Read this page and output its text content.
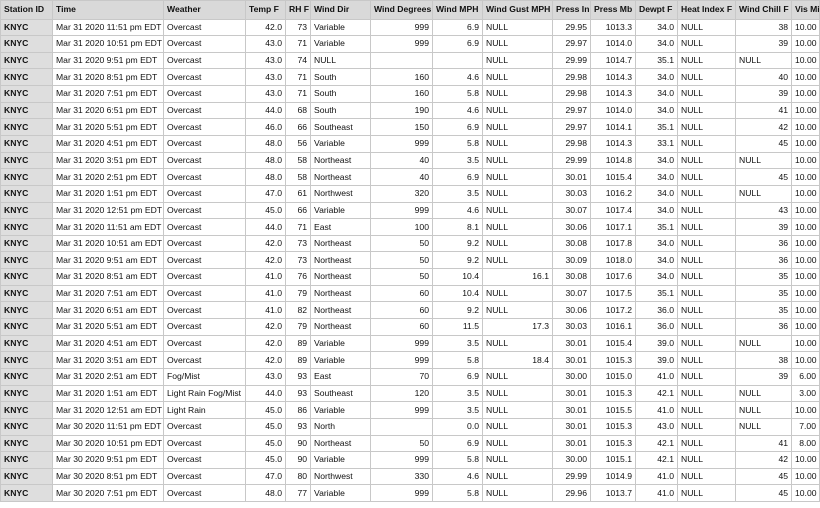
Station ID	Time	Weather	Temp F	RH F	Wind Dir	Wind Degrees	Wind MPH	Wind Gust MPH	Press In	Press Mb	Dewpt F	Heat Index F	Wind Chill F	Vis Mi
KNYC	Mar 31 2020 11:51 pm EDT	Overcast	42.0	73	Variable	999	6.9	NULL	29.95	1013.3	34.0	NULL	38	10.00
KNYC	Mar 31 2020 10:51 pm EDT	Overcast	43.0	71	Variable	999	6.9	NULL	29.97	1014.0	34.0	NULL	39	10.00
KNYC	Mar 31 2020 9:51 pm EDT	Overcast	43.0	74	NULL			NULL	29.99	1014.7	35.1	NULL	NULL	10.00
KNYC	Mar 31 2020 8:51 pm EDT	Overcast	43.0	71	South	160	4.6	NULL	29.98	1014.3	34.0	NULL	40	10.00
KNYC	Mar 31 2020 7:51 pm EDT	Overcast	43.0	71	South	160	5.8	NULL	29.98	1014.3	34.0	NULL	39	10.00
KNYC	Mar 31 2020 6:51 pm EDT	Overcast	44.0	68	South	190	4.6	NULL	29.97	1014.0	34.0	NULL	41	10.00
KNYC	Mar 31 2020 5:51 pm EDT	Overcast	46.0	66	Southeast	150	6.9	NULL	29.97	1014.1	35.1	NULL	42	10.00
KNYC	Mar 31 2020 4:51 pm EDT	Overcast	48.0	56	Variable	999	5.8	NULL	29.98	1014.3	33.1	NULL	45	10.00
KNYC	Mar 31 2020 3:51 pm EDT	Overcast	48.0	58	Northeast	40	3.5	NULL	29.99	1014.8	34.0	NULL	NULL	10.00
KNYC	Mar 31 2020 2:51 pm EDT	Overcast	48.0	58	Northeast	40	6.9	NULL	30.01	1015.4	34.0	NULL	45	10.00
KNYC	Mar 31 2020 1:51 pm EDT	Overcast	47.0	61	Northwest	320	3.5	NULL	30.03	1016.2	34.0	NULL	NULL	10.00
KNYC	Mar 31 2020 12:51 pm EDT	Overcast	45.0	66	Variable	999	4.6	NULL	30.07	1017.4	34.0	NULL	43	10.00
KNYC	Mar 31 2020 11:51 am EDT	Overcast	44.0	71	East	100	8.1	NULL	30.06	1017.1	35.1	NULL	39	10.00
KNYC	Mar 31 2020 10:51 am EDT	Overcast	42.0	73	Northeast	50	9.2	NULL	30.08	1017.8	34.0	NULL	36	10.00
KNYC	Mar 31 2020 9:51 am EDT	Overcast	42.0	73	Northeast	50	9.2	NULL	30.09	1018.0	34.0	NULL	36	10.00
KNYC	Mar 31 2020 8:51 am EDT	Overcast	41.0	76	Northeast	50	10.4	16.1	30.08	1017.6	34.0	NULL	35	10.00
KNYC	Mar 31 2020 7:51 am EDT	Overcast	41.0	79	Northeast	60	10.4	NULL	30.07	1017.5	35.1	NULL	35	10.00
KNYC	Mar 31 2020 6:51 am EDT	Overcast	41.0	82	Northeast	60	9.2	NULL	30.06	1017.2	36.0	NULL	35	10.00
KNYC	Mar 31 2020 5:51 am EDT	Overcast	42.0	79	Northeast	60	11.5	17.3	30.03	1016.1	36.0	NULL	36	10.00
KNYC	Mar 31 2020 4:51 am EDT	Overcast	42.0	89	Variable	999	3.5	NULL	30.01	1015.4	39.0	NULL	NULL	10.00
KNYC	Mar 31 2020 3:51 am EDT	Overcast	42.0	89	Variable	999	5.8	18.4	30.01	1015.3	39.0	NULL	38	10.00
KNYC	Mar 31 2020 2:51 am EDT	Fog/Mist	43.0	93	East	70	6.9	NULL	30.00	1015.0	41.0	NULL	39	6.00
KNYC	Mar 31 2020 1:51 am EDT	Light Rain Fog/Mist	44.0	93	Southeast	120	3.5	NULL	30.01	1015.3	42.1	NULL	NULL	3.00
KNYC	Mar 31 2020 12:51 am EDT	Light Rain	45.0	86	Variable	999	3.5	NULL	30.01	1015.5	41.0	NULL	NULL	10.00
KNYC	Mar 30 2020 11:51 pm EDT	Overcast	45.0	93	North		0.0	NULL	30.01	1015.3	43.0	NULL	NULL	7.00
KNYC	Mar 30 2020 10:51 pm EDT	Overcast	45.0	90	Northeast	50	6.9	NULL	30.01	1015.3	42.1	NULL	41	8.00
KNYC	Mar 30 2020 9:51 pm EDT	Overcast	45.0	90	Variable	999	5.8	NULL	30.00	1015.1	42.1	NULL	42	10.00
KNYC	Mar 30 2020 8:51 pm EDT	Overcast	47.0	80	Northwest	330	4.6	NULL	29.99	1014.9	41.0	NULL	45	10.00
KNYC	Mar 30 2020 7:51 pm EDT	Overcast	48.0	77	Variable	999	5.8	NULL	29.96	1013.7	41.0	NULL	45	10.00
